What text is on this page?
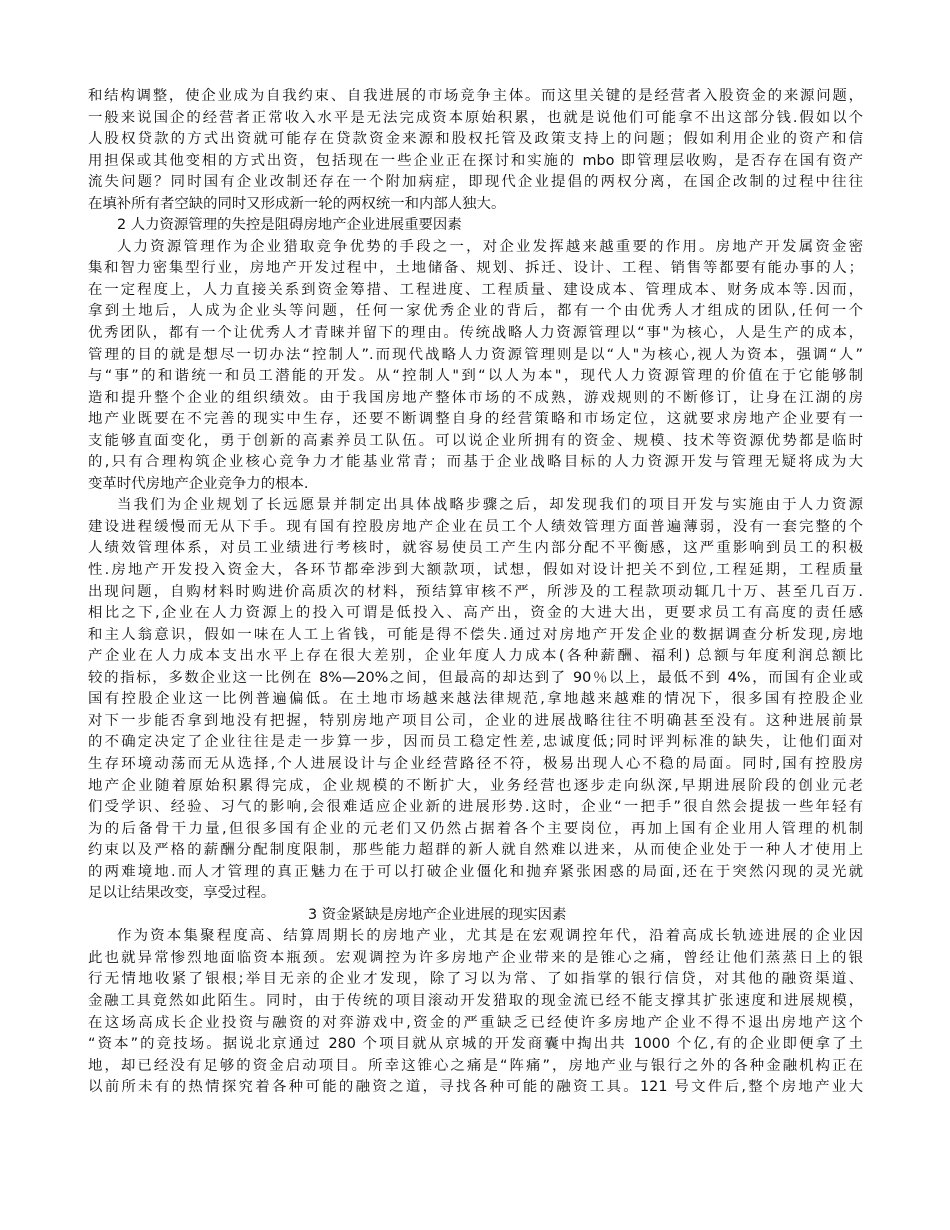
和结构调整，使企业成为自我约束、自我进展的市场竞争主体。而这里关键的是经营者入股资金的来源问题，
一般来说国企的经营者正常收入水平是无法完成资本原始积累，也就是说他们可能拿不出这部分钱.假如以个
人股权贷款的方式出资就可能存在贷款资金来源和股权托管及政策支持上的问题；假如利用企业的资产和信
用担保或其他变相的方式出资，包括现在一些企业正在探讨和实施的 mbo 即管理层收购，是否存在国有资产
流失问题？同时国有企业改制还存在一个附加病症，即现代企业提倡的两权分离，在国企改制的过程中往往
在填补所有者空缺的同时又形成新一轮的两权统一和内部人独大。
2 人力资源管理的失控是阻碍房地产企业进展重要因素
人力资源管理作为企业猎取竞争优势的手段之一，对企业发挥越来越重要的作用。房地产开发属资金密
集和智力密集型行业，房地产开发过程中，土地储备、规划、拆迁、设计、工程、销售等都要有能办事的人；
在一定程度上，人力直接关系到资金筹措、工程进度、工程质量、建设成本、管理成本、财务成本等.因而，
拿到土地后，人成为企业头等问题，任何一家优秀企业的背后，都有一个由优秀人才组成的团队,任何一个
优秀团队，都有一个让优秀人才青睐并留下的理由。传统战略人力资源管理以“事"为核心，人是生产的成本，
管理的目的就是想尽一切办法“控制人”.而现代战略人力资源管理则是以“人"为核心,视人为资本，强调“人”
与“事”的和谐统一和员工潜能的开发。从“控制人"到“以人为本"，现代人力资源管理的价值在于它能够制
造和提升整个企业的组织绩效。由于我国房地产整体市场的不成熟，游戏规则的不断修订，让身在江湖的房
地产业既要在不完善的现实中生存，还要不断调整自身的经营策略和市场定位，这就要求房地产企业要有一
支能够直面变化，勇于创新的高素养员工队伍。可以说企业所拥有的资金、规模、技术等资源优势都是临时
的,只有合理构筑企业核心竞争力才能基业常青；而基于企业战略目标的人力资源开发与管理无疑将成为大
变革时代房地产企业竞争力的根本.
当我们为企业规划了长远愿景并制定出具体战略步骤之后，却发现我们的项目开发与实施由于人力资源
建设进程缓慢而无从下手。现有国有控股房地产企业在员工个人绩效管理方面普遍薄弱，没有一套完整的个
人绩效管理体系，对员工业绩进行考核时，就容易使员工产生内部分配不平衡感，这严重影响到员工的积极
性.房地产开发投入资金大，各环节都牵涉到大额款项，试想，假如对设计把关不到位,工程延期，工程质量
出现问题，自购材料时购进价高质次的材料，预结算审核不严，所涉及的工程款项动辄几十万、甚至几百万.
相比之下,企业在人力资源上的投入可谓是低投入、高产出，资金的大进大出，更要求员工有高度的责任感
和主人翁意识，假如一味在人工上省钱，可能是得不偿失.通过对房地产开发企业的数据调查分析发现,房地
产企业在人力成本支出水平上存在很大差别，企业年度人力成本(各种薪酬、福利) 总额与年度利润总额比
较的指标，多数企业这一比例在 8%—20%之间，但最高的却达到了 90％以上，最低不到 4%，而国有企业或
国有控股企业这一比例普遍偏低。在土地市场越来越法律规范,拿地越来越难的情况下，很多国有控股企业
对下一步能否拿到地没有把握，特别房地产项目公司，企业的进展战略往往不明确甚至没有。这种进展前景
的不确定决定了企业往往是走一步算一步，因而员工稳定性差,忠诚度低;同时评判标准的缺失，让他们面对
生存环境动荡而无从选择,个人进展设计与企业经营路径不符，极易出现人心不稳的局面。同时,国有控股房
地产企业随着原始积累得完成，企业规模的不断扩大，业务经营也逐步走向纵深,早期进展阶段的创业元老
们受学识、经验、习气的影响,会很难适应企业新的进展形势.这时，企业“一把手”很自然会提拔一些年轻有
为的后备骨干力量,但很多国有企业的元老们又仍然占据着各个主要岗位，再加上国有企业用人管理的机制
约束以及严格的薪酬分配制度限制，那些能力超群的新人就自然难以进来，从而使企业处于一种人才使用上
的两难境地.而人才管理的真正魅力在于可以打破企业僵化和抛弃紧张困惑的局面,还在于突然闪现的灵光就
足以让结果改变，享受过程。
3 资金紧缺是房地产企业进展的现实因素
作为资本集聚程度高、结算周期长的房地产业，尤其是在宏观调控年代，沿着高成长轨迹进展的企业因
此也就异常惨烈地面临资本瓶颈。宏观调控为许多房地产企业带来的是锥心之痛，曾经让他们蒸蒸日上的银
行无情地收紧了银根;举目无亲的企业才发现，除了习以为常、了如指掌的银行信贷，对其他的融资渠道、
金融工具竟然如此陌生。同时，由于传统的项目滚动开发猎取的现金流已经不能支撑其扩张速度和进展规模，
在这场高成长企业投资与融资的对弈游戏中,资金的严重缺乏已经使许多房地产企业不得不退出房地产这个
“资本”的竞技场。据说北京通过 280 个项目就从京城的开发商囊中掏出共 1000 个亿,有的企业即便拿了土
地，却已经没有足够的资金启动项目。所幸这锥心之痛是“阵痛”，房地产业与银行之外的各种金融机构正在
以前所未有的热情探究着各种可能的融资之道，寻找各种可能的融资工具。121 号文件后,整个房地产业大
